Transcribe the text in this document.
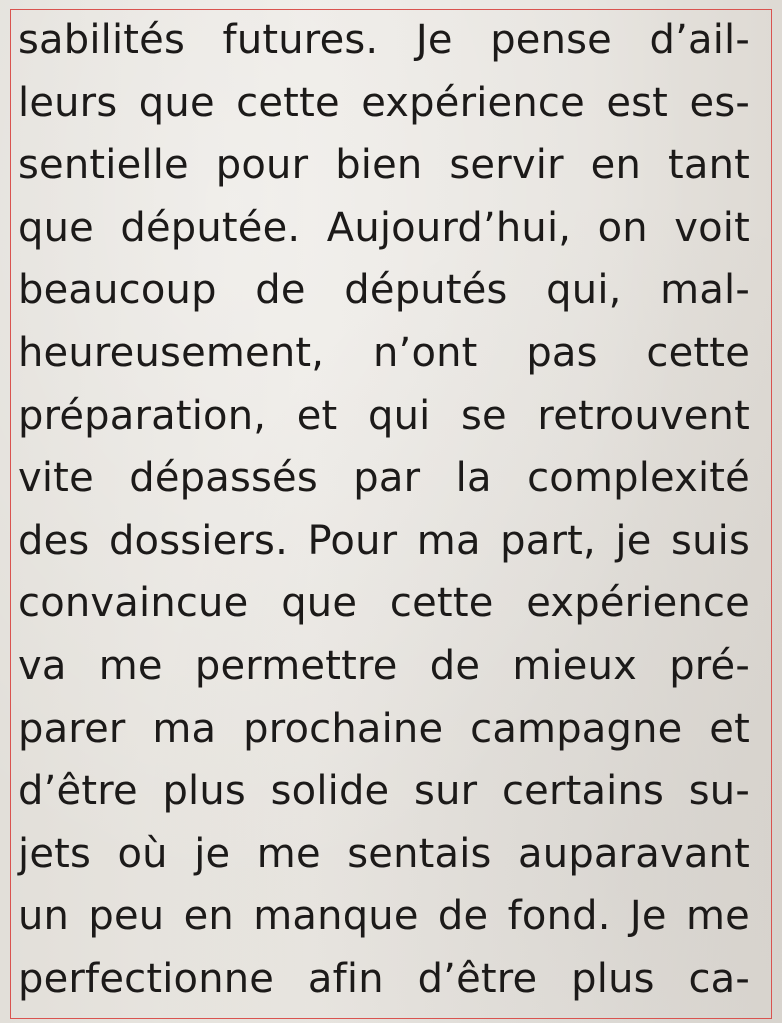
sabilités futures. Je pense d’ail-
leurs que cette expérience est es-
sentielle pour bien servir en tant
que députée. Aujourd’hui, on voit
beaucoup de députés qui, mal-
heureusement, n’ont pas cette
préparation, et qui se retrouvent
vite dépassés par la complexité
des dossiers. Pour ma part, je suis
convaincue que cette expérience
va me permettre de mieux pré-
parer ma prochaine campagne et
d’être plus solide sur certains su-
jets où je me sentais auparavant
un peu en manque de fond. Je me
perfectionne afin d’être plus ca-
